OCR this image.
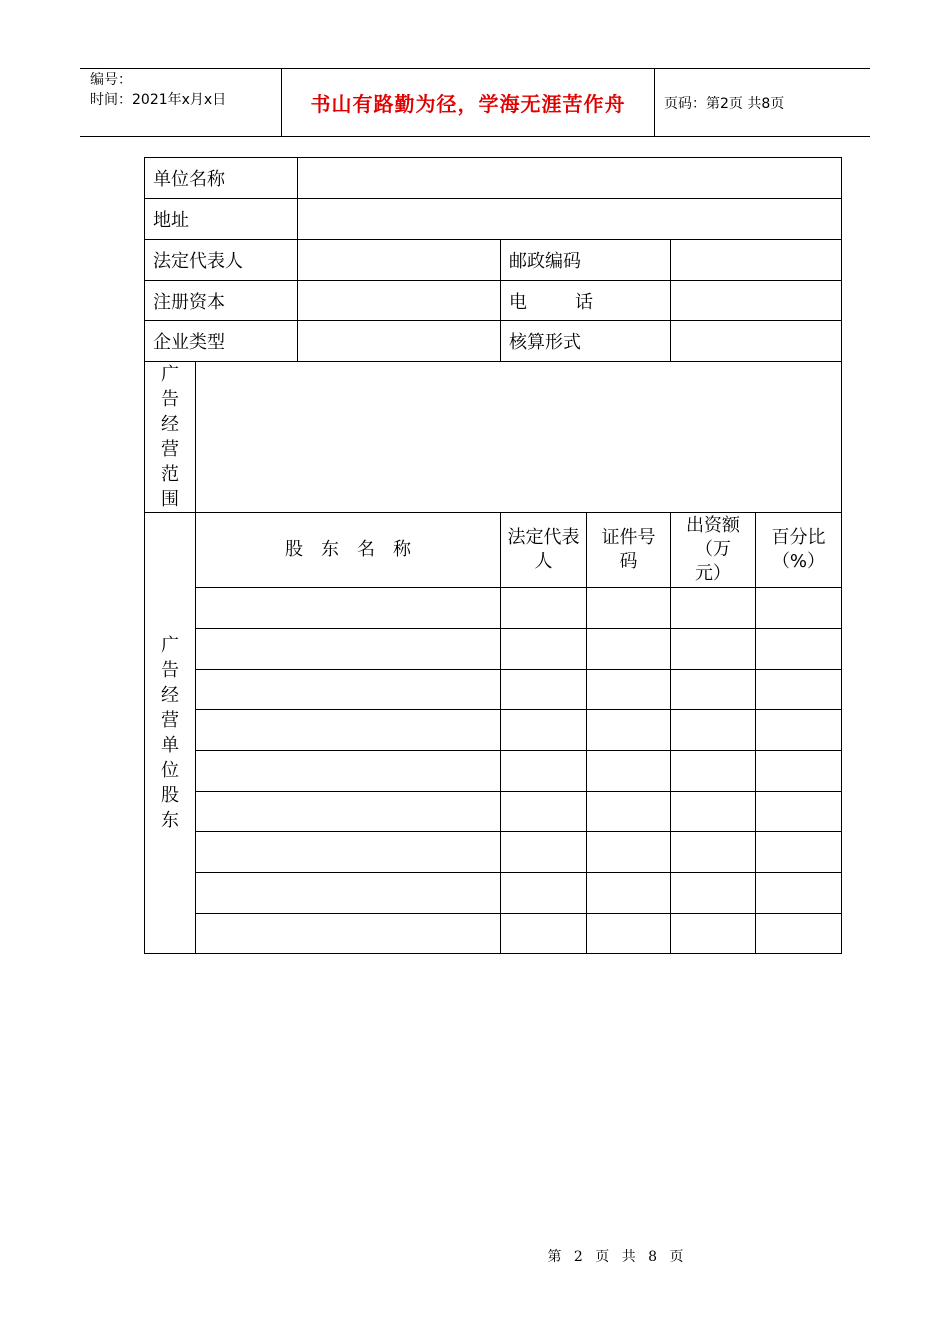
编号：
时间：2021年x月x日	书山有路勤为径，学海无涯苦作舟	页码：第2页 共8页
单位名称						
地址						
法定代表人			邮政编码			
注册资本			电话			
企业类型			核算形式			
广告经营范围						
广告经营单位股东	股东名称		法定代表人	证件号码	出资额（万元）	百分比（%）

第 2 页 共 8 页
